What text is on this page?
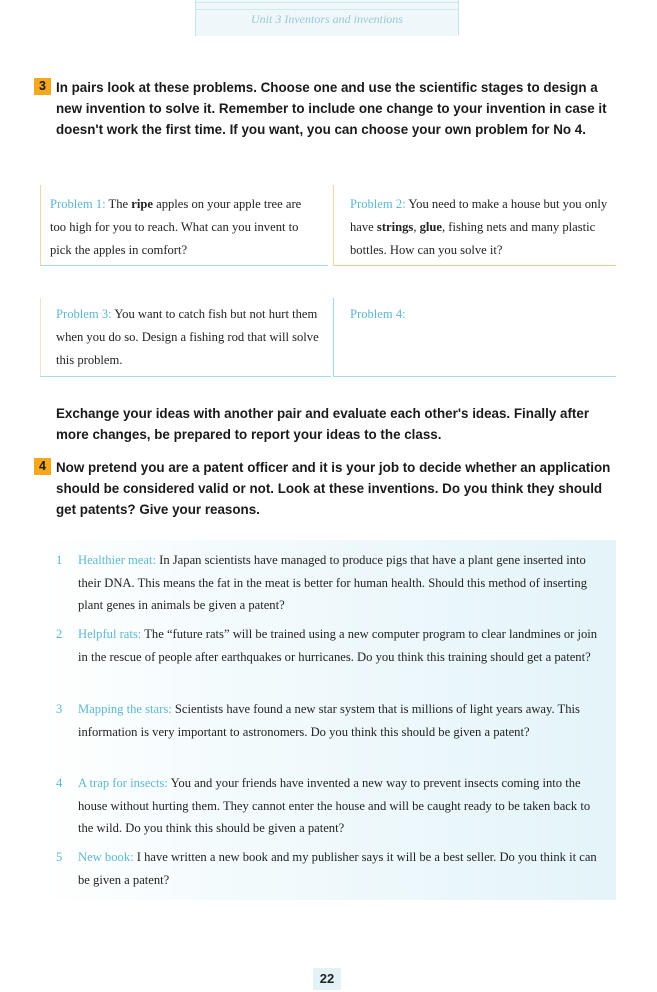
Unit 3 Inventors and inventions
3 In pairs look at these problems. Choose one and use the scientific stages to design a new invention to solve it. Remember to include one change to your invention in case it doesn't work the first time. If you want, you can choose your own problem for No 4.
Problem 1: The ripe apples on your apple tree are too high for you to reach. What can you invent to pick the apples in comfort?
Problem 2: You need to make a house but you only have strings, glue, fishing nets and many plastic bottles. How can you solve it?
Problem 3: You want to catch fish but not hurt them when you do so. Design a fishing rod that will solve this problem.
Problem 4:
Exchange your ideas with another pair and evaluate each other's ideas. Finally after more changes, be prepared to report your ideas to the class.
4 Now pretend you are a patent officer and it is your job to decide whether an application should be considered valid or not. Look at these inventions. Do you think they should get patents? Give your reasons.
1 Healthier meat: In Japan scientists have managed to produce pigs that have a plant gene inserted into their DNA. This means the fat in the meat is better for human health. Should this method of inserting plant genes in animals be given a patent?
2 Helpful rats: The “future rats” will be trained using a new computer program to clear landmines or join in the rescue of people after earthquakes or hurricanes. Do you think this training should get a patent?
3 Mapping the stars: Scientists have found a new star system that is millions of light years away. This information is very important to astronomers. Do you think this should be given a patent?
4 A trap for insects: You and your friends have invented a new way to prevent insects coming into the house without hurting them. They cannot enter the house and will be caught ready to be taken back to the wild. Do you think this should be given a patent?
5 New book: I have written a new book and my publisher says it will be a best seller. Do you think it can be given a patent?
22
